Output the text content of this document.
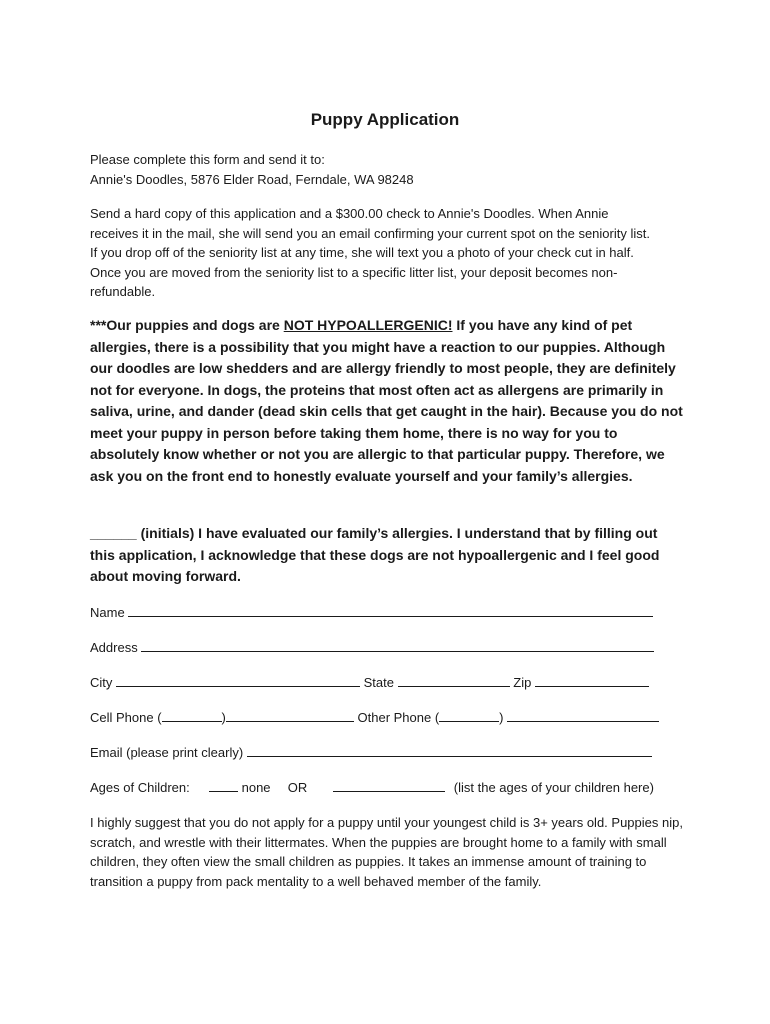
Puppy Application
Please complete this form and send it to:
Annie's Doodles, 5876 Elder Road, Ferndale, WA 98248
Send a hard copy of this application and a $300.00 check to Annie's Doodles. When Annie receives it in the mail, she will send you an email confirming your current spot on the seniority list. If you drop off of the seniority list at any time, she will text you a photo of your check cut in half. Once you are moved from the seniority list to a specific litter list, your deposit becomes non-refundable.
***Our puppies and dogs are NOT HYPOALLERGENIC! If you have any kind of pet allergies, there is a possibility that you might have a reaction to our puppies. Although our doodles are low shedders and are allergy friendly to most people, they are definitely not for everyone. In dogs, the proteins that most often act as allergens are primarily in saliva, urine, and dander (dead skin cells that get caught in the hair). Because you do not meet your puppy in person before taking them home, there is no way for you to absolutely know whether or not you are allergic to that particular puppy. Therefore, we ask you on the front end to honestly evaluate yourself and your family’s allergies.
______ (initials) I have evaluated our family’s allergies. I understand that by filling out this application, I acknowledge that these dogs are not hypoallergenic and I feel good about moving forward.
Name
Address
City	State	Zip
Cell Phone (	)	Other Phone (	)
Email (please print clearly)
Ages of Children:	none OR	(list the ages of your children here)
I highly suggest that you do not apply for a puppy until your youngest child is 3+ years old. Puppies nip, scratch, and wrestle with their littermates. When the puppies are brought home to a family with small children, they often view the small children as puppies. It takes an immense amount of training to transition a puppy from pack mentality to a well behaved member of the family.
